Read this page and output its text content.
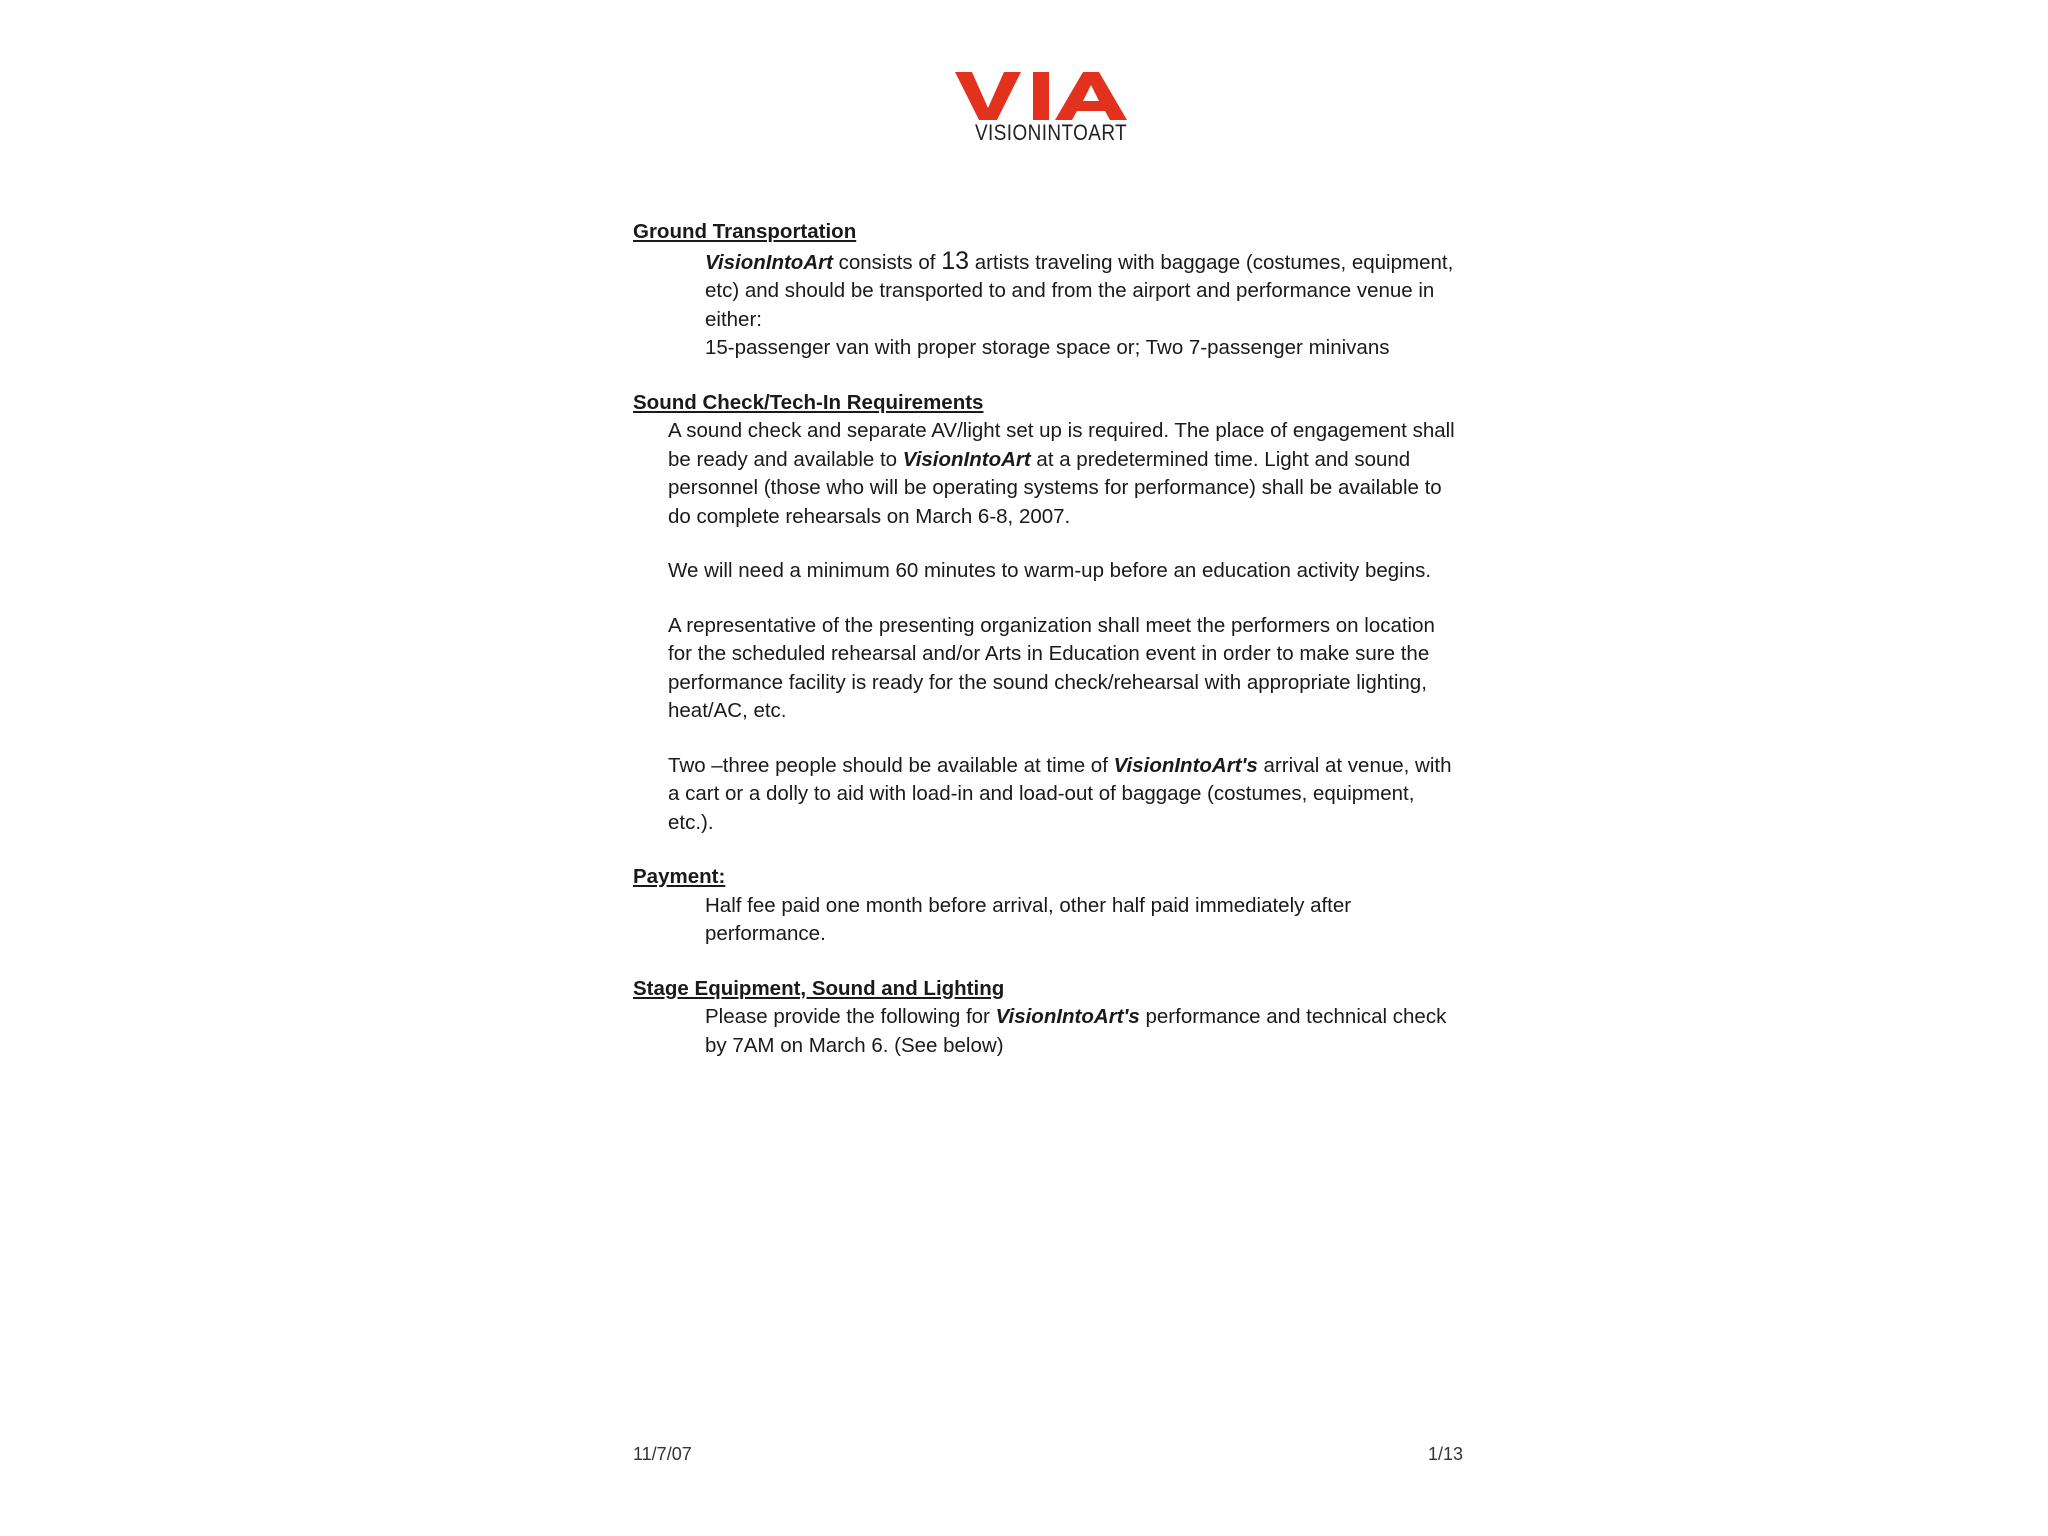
VISIONINTOART

Ground Transportation

VisionIntoArt consists of 13 artists traveling with baggage (costumes, equipment, etc) and should be transported to and from the airport and performance venue in either:

15-passenger van with proper storage space or; Two 7-passenger minivans

Sound Check/Tech-In Requirements

A sound check and separate AV/light set up is required. The place of engagement shall be ready and available to VisionIntoArt at a predetermined time. Light and sound personnel (those who will be operating systems for performance) shall be available to do complete rehearsals on March 6-8, 2007.

We will need a minimum 60 minutes to warm-up before an education activity begins.

A representative of the presenting organization shall meet the performers on location for the scheduled rehearsal and/or Arts in Education event in order to make sure the performance facility is ready for the sound check/rehearsal with appropriate lighting, heat/AC, etc.

Two –three people should be available at time of VisionIntoArt's arrival at venue, with a cart or a dolly to aid with load-in and load-out of baggage (costumes, equipment, etc.).

Payment:

Half fee paid one month before arrival, other half paid immediately after performance.

Stage Equipment, Sound and Lighting

Please provide the following for VisionIntoArt's performance and technical check by 7AM on March 6. (See below)

11/7/07	1/13
